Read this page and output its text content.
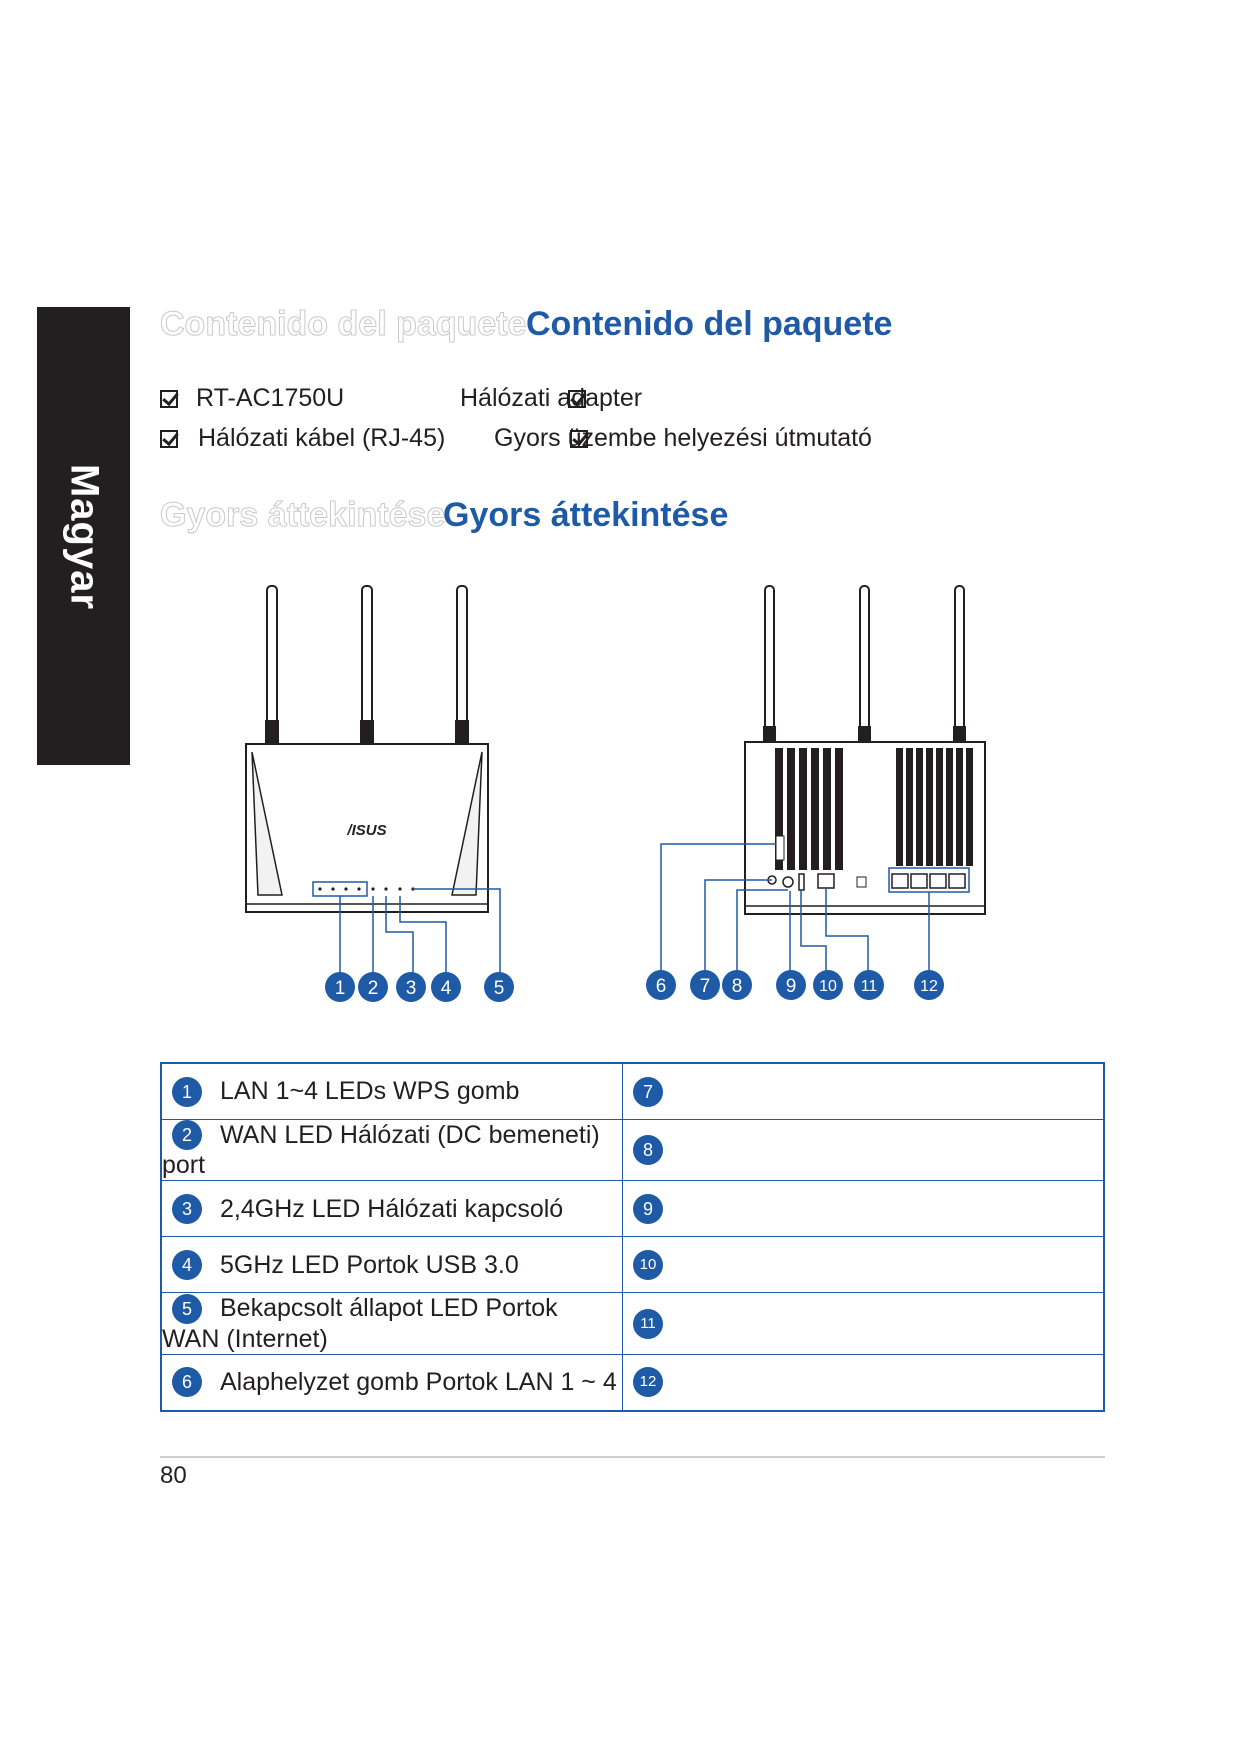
Magyar
Contenido del paquete Contenido del paquete
RT-AC1750U	Hálózati adapter
Hálózati kábel (RJ-45) Gyors üzembe helyezési útmutató
Gyors áttekintése
Gyors áttekintése
/ISUS
1 2 3 4 5	6 7 8 9 10 11	12
1 LAN 1~4 LEDs WPS gomb	7
2 WAN LED Hálózati (DC bemeneti) port	8
3 2,4GHz LED Hálózati kapcsoló	9
4 5GHz LED Portok USB 3.0	10
5 Bekapcsolt állapot LED Portok WAN (Internet)	11
6 Alaphelyzet gomb Portok LAN 1 ~ 4	12
80
